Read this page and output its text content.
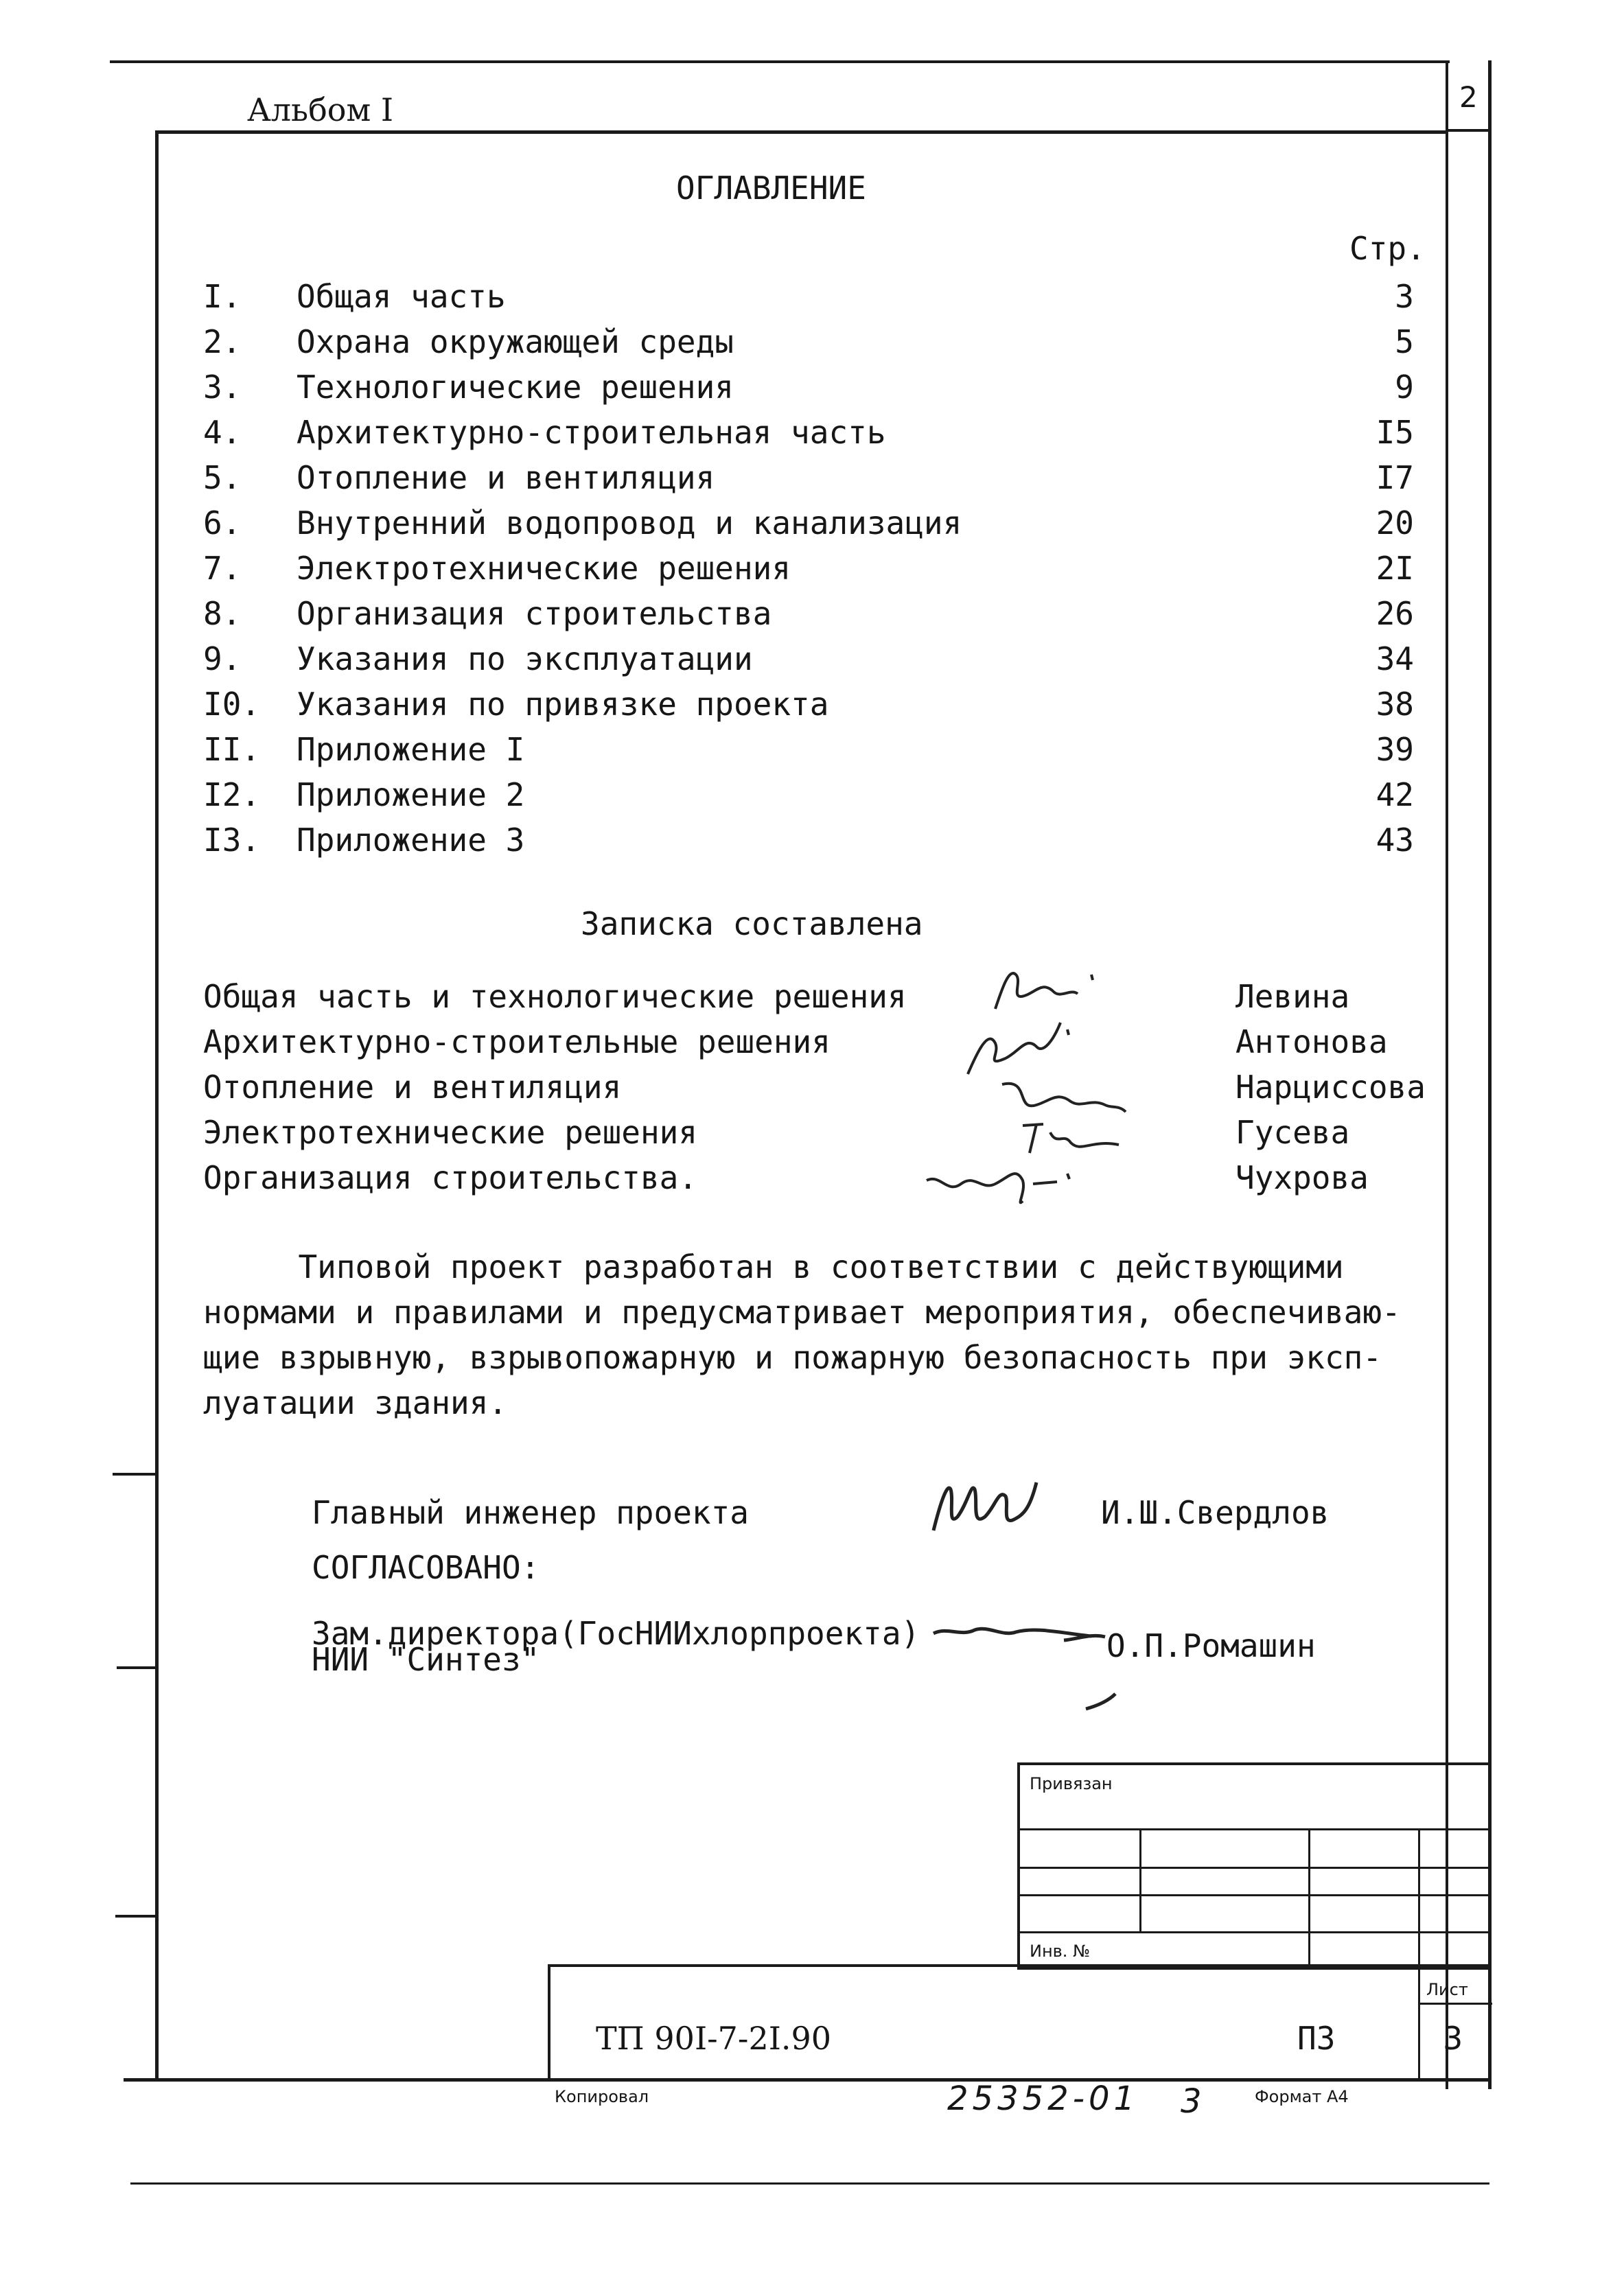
Альбом I	2
ОГЛАВЛЕНИЕ
Стр.
I.	Общая часть	3
2.	Охрана окружающей среды	5
3.	Технологические решения	9
4.	Архитектурно-строительная часть	I5
5.	Отопление и вентиляция	I7
6.	Внутренний водопровод и канализация	20
7.	Электротехнические решения	2I
8.	Организация строительства	26
9.	Указания по эксплуатации	34
I0.	Указания по привязке проекта	38
II.	Приложение I	39
I2.	Приложение 2	42
I3.	Приложение 3	43
Записка составлена
Общая часть и технологические решения	Левина
Архитектурно-строительные решения	Антонова
Отопление и вентиляция	Нарциссова
Электротехнические решения	Гусева
Организация строительства.	Чухрова
Типовой проект разработан в соответствии с действующими
нормами и правилами и предусматривает мероприятия, обеспечиваю-
щие взрывную, взрывопожарную и пожарную безопасность при эксп-
луатации здания.
Главный инженер проекта	И.Ш.Свердлов
СОГЛАСОВАНО:
Зам.директора(ГосНИИхлорпроекта)
НИИ "Синтез"	О.П.Ромашин
Привязан
Инв. №
Лист
ТП 90I-7-2I.90	ПЗ	3
Копировал	25352-01 3	Формат А4
